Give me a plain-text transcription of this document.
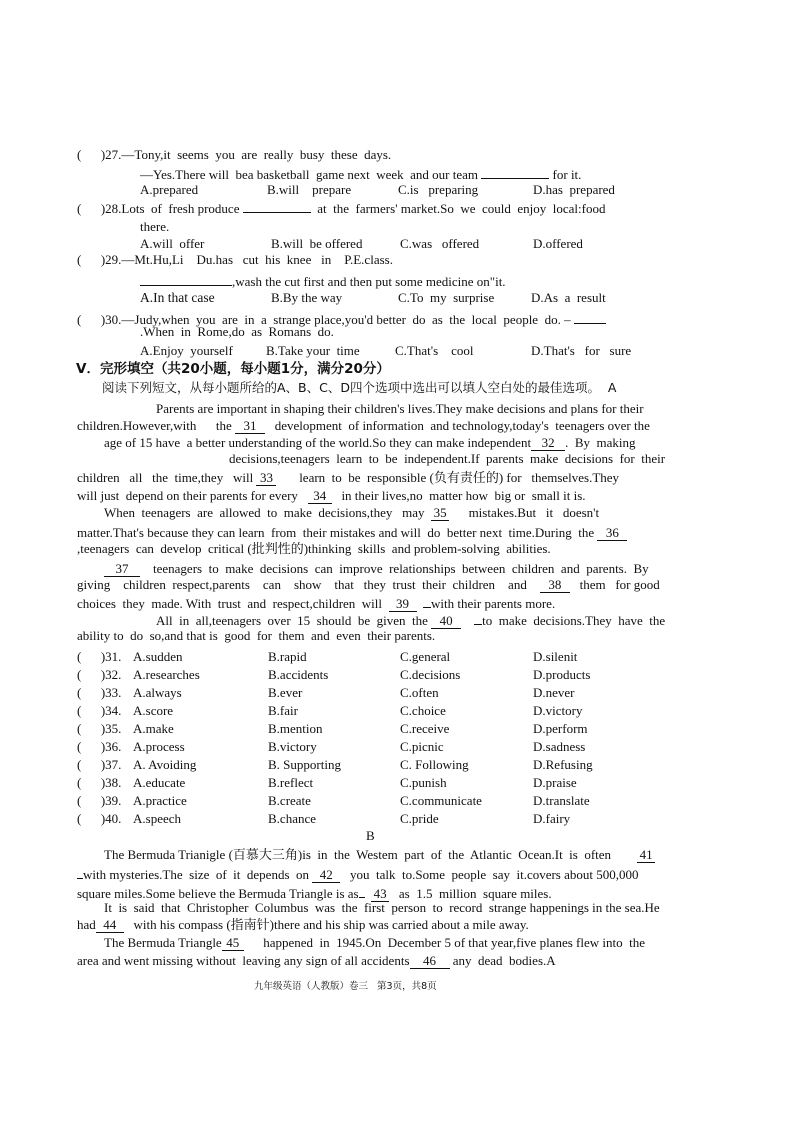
(      )27.—Tony,it  seems  you  are  really  busy  these  days.
—Yes.There will  bea basketball  game next  week  and our team	for it.
A.prepared	B.will    prepare	C.is   preparing	D.has  prepared
(      )28.Lots  of  fresh produce	at  the  farmers' market.So  we  could  enjoy  local:food
there.
A.will  offer	B.will  be offered	C.was   offered	D.offered
(      )29.—Mt.Hu,Li    Du.has   cut  his  knee   in    P.E.class.
,wash the cut first and then put some medicine on"it.
A.In that case	B.By the way	C.To  my  surprise	D.As  a  result
(      )30.—Judy,when  you  are  in  a  strange place,you'd better  do  as  the  local  people  do. –
.When  in  Rome,do  as  Romans  do.
A.Enjoy  yourself	B.Take your  time	C.That's    cool	D.That's   for   sure
V．完形填空（共20小题，每小题1分，满分20分）
阅读下列短文，从每小题所给的A、B、C、D四个选项中选出可以填人空白处的最佳选项。  A
Parents are important in shaping their children's lives.They make decisions and plans for their
children.However,with      the 31 development  of information  and technology,today's  teenagers over the
age of 15 have  a better understanding of the world.So they can make independent 32 .  By  making
decisions,teenagers  learn  to  be  independent.If  parents  make  decisions  for  their
children   all   the  time,they   will 33 learn  to  be  responsible (负有责任的) for   themselves.They
will just  depend on their parents for every 34 in their lives,no  matter how  big or  small it is.
When  teenagers  are  allowed  to  make  decisions,they   may 35 mistakes.But   it   doesn't
matter.That's because they can learn  from  their mistakes and will  do  better next  time.During  the 36
,teenagers  can  develop  critical (批判性的)thinking  skills  and problem-solving  abilities.
37 teenagers  to  make  decisions  can  improve  relationships  between  children  and  parents.  By
giving    children  respect,parents    can    show    that   they  trust  their  children    and 38 them   for good
choices  they  made. With  trust  and  respect,children  will 39 with their parents more.
All  in  all,teenagers  over  15  should  be  given  the 40 to  make  decisions.They  have  the
ability to  do  so,and that is  good  for  them  and  even  their parents.
(      )31. A.sudden	B.rapid	C.general	D.silenit
(      )32. A.researches	B.accidents	C.decisions	D.products
(      )33. A.always	B.ever	C.often	D.never
(      )34. A.score	B.fair	C.choice	D.victory
(      )35. A.make	B.mention	C.receive	D.perform
(      )36. A.process	B.victory	C.picnic	D.sadness
(      )37. A. Avoiding	B. Supporting	C. Following	D.Refusing
(      )38. A.educate	B.reflect	C.punish	D.praise
(      )39. A.practice	B.create	C.communicate	D.translate
(      )40. A.speech	B.chance	C.pride	D.fairy
B
The Bermuda Trianigle (百慕大三角)is  in  the  Westem  part  of  the  Atlantic  Ocean.It  is  often 41
with mysteries.The  size  of  it  depends  on 42 you  talk  to.Some  people  say  it.covers about 500,000
square miles.Some believe the Bermuda Triangle is as 43 as  1.5  million  square miles.
It  is  said  that  Christopher  Columbus  was  the  first  person  to  record  strange happenings in the sea.He
had 44 with his compass (指南针)there and his ship was carried about a mile away.
The Bermuda Triangle 45 happened  in  1945.On  December 5 of that year,five planes flew into  the
area and went missing without  leaving any sign of all accidents 46 any  dead  bodies.A
九年级英语（人教版）卷三   第3页，共8页
